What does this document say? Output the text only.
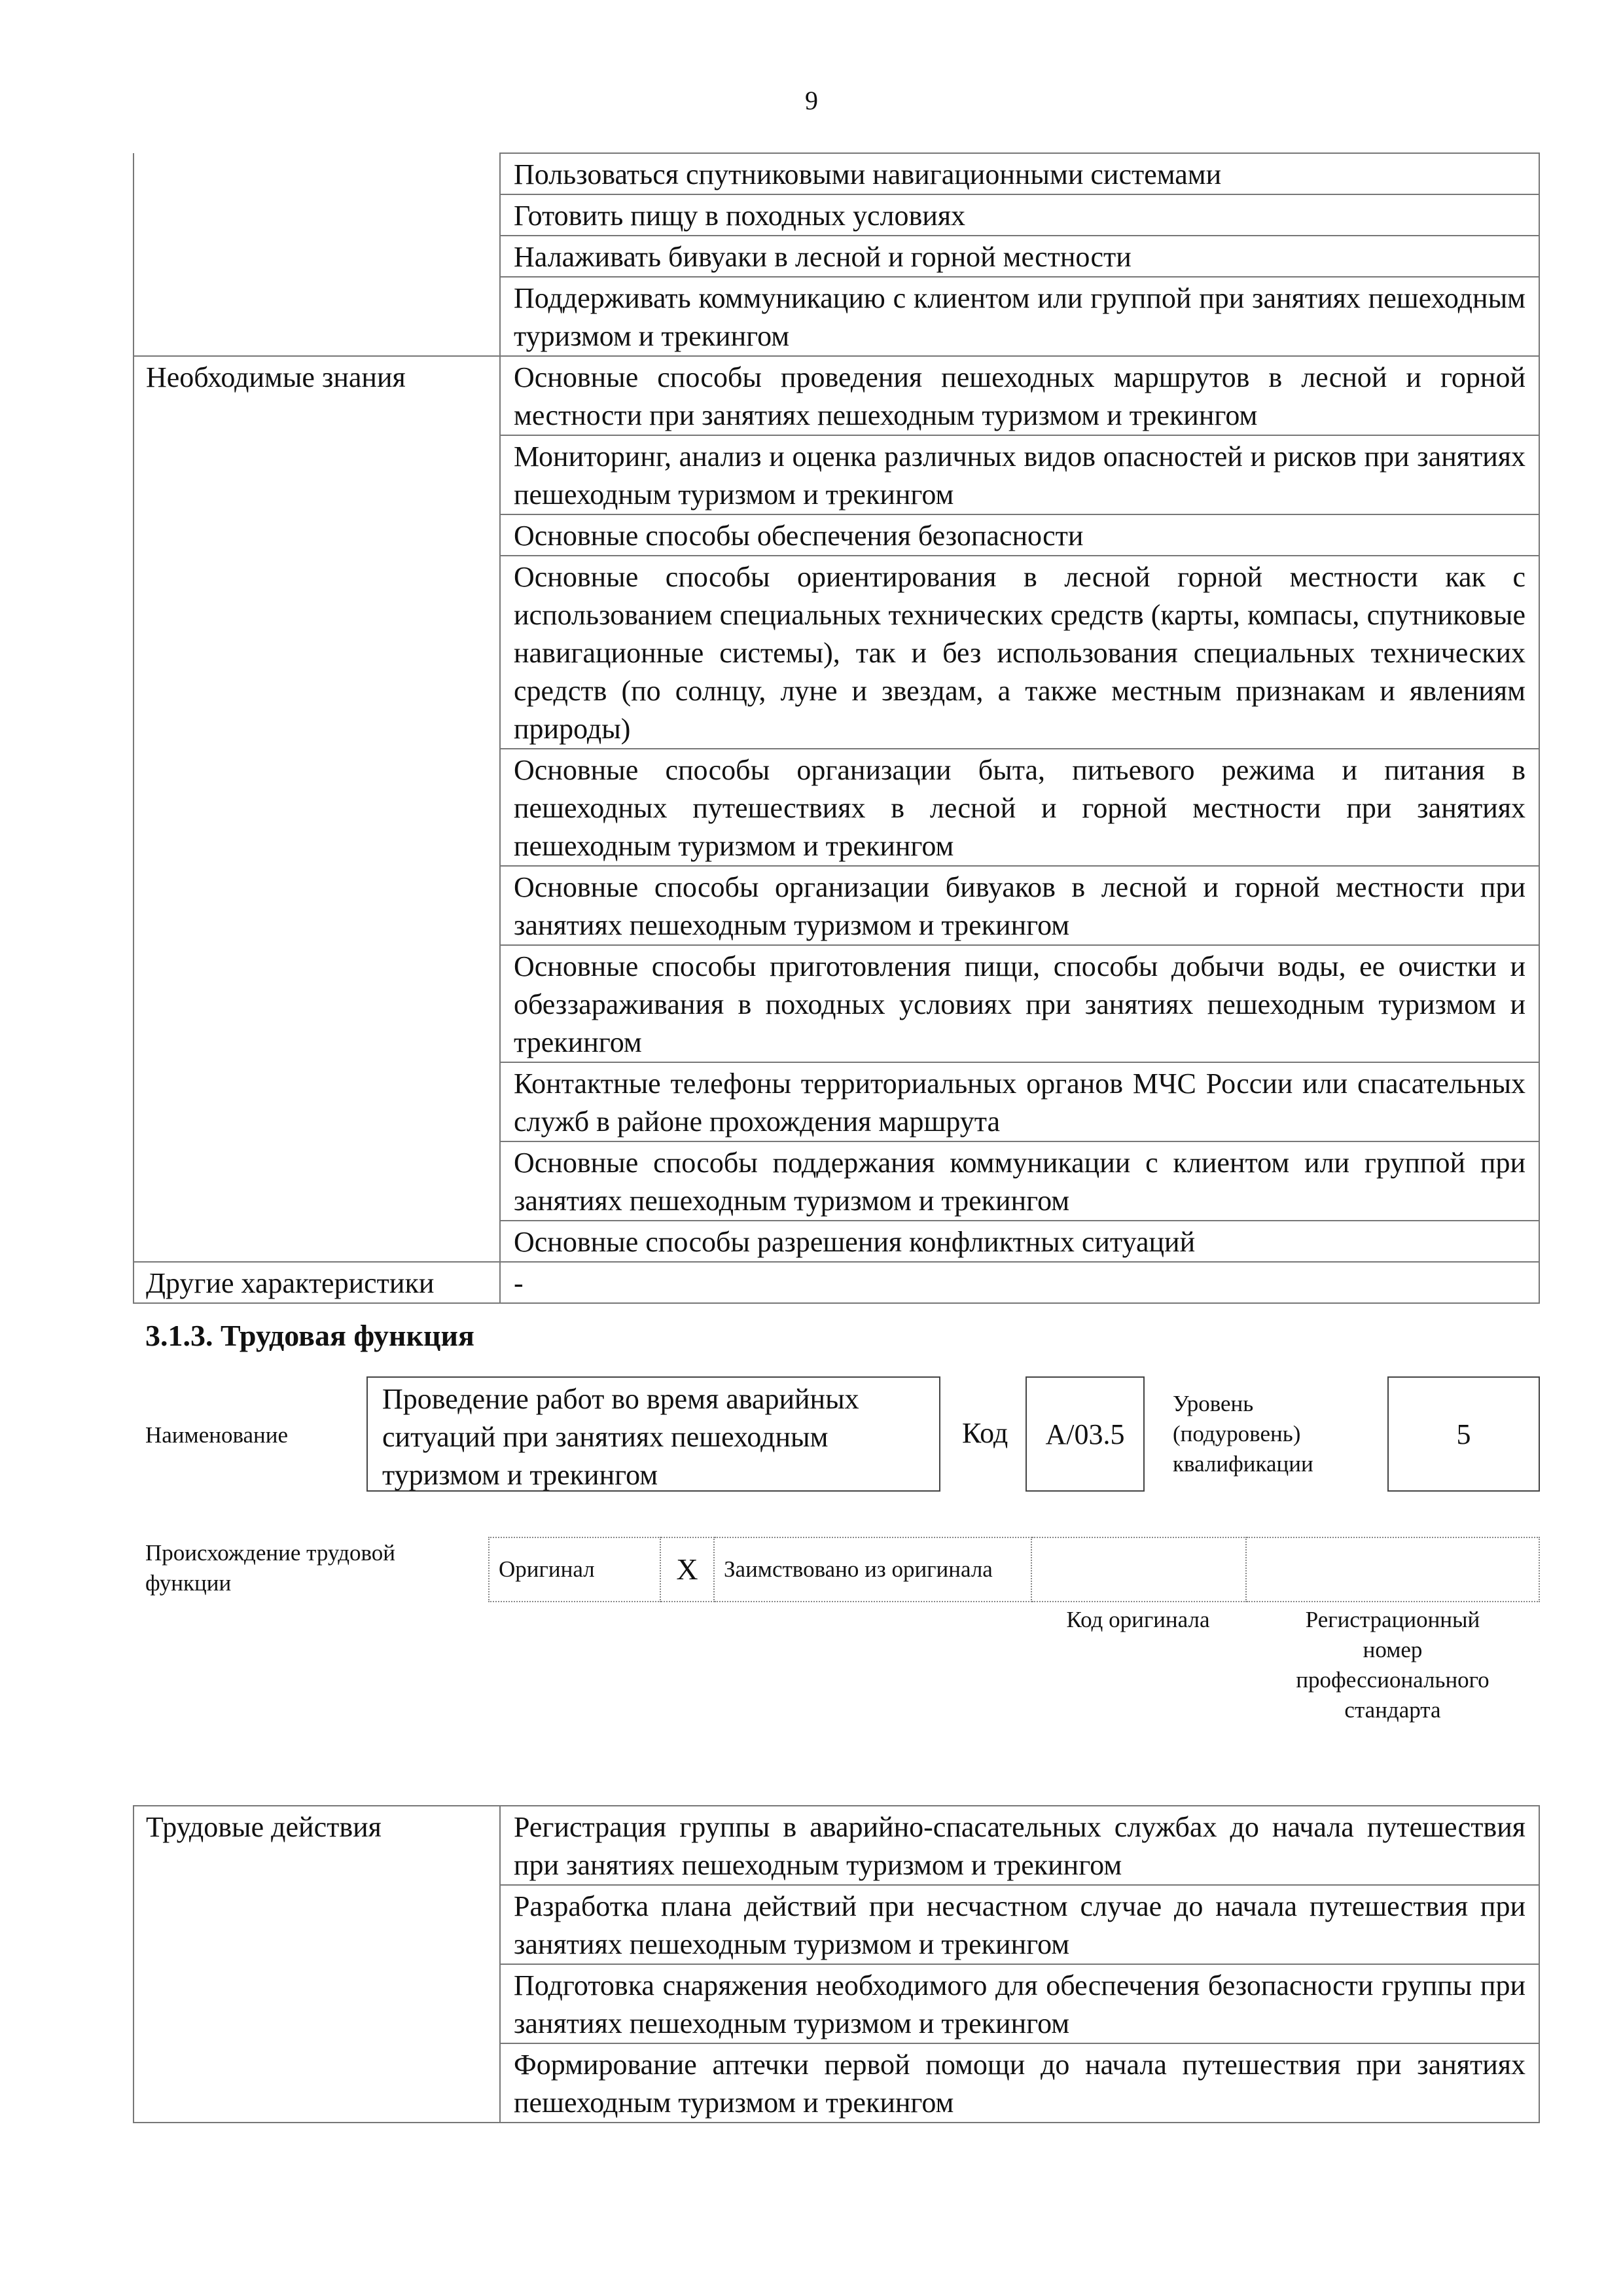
9
	Пользоваться спутниковыми навигационными системами
	Готовить пищу в походных условиях
	Налаживать бивуаки в лесной и горной местности
	Поддерживать коммуникацию с клиентом или группой при занятиях пешеходным туризмом и трекингом
Необходимые знания	Основные способы проведения пешеходных маршрутов в лесной и горной местности при занятиях пешеходным туризмом и трекингом
	Мониторинг, анализ и оценка различных видов опасностей и рисков при занятиях пешеходным туризмом и трекингом
	Основные способы обеспечения безопасности
	Основные способы ориентирования в лесной горной местности как с использованием специальных технических средств (карты, компасы, спутниковые навигационные системы), так и без использования специальных технических средств (по солнцу, луне и звездам, а также местным признакам и явлениям природы)
	Основные способы организации быта, питьевого режима и питания в пешеходных путешествиях в лесной и горной местности при занятиях пешеходным туризмом и трекингом
	Основные способы организации бивуаков в лесной и горной местности при занятиях пешеходным туризмом и трекингом
	Основные способы приготовления пищи, способы добычи воды, ее очистки и обеззараживания в походных условиях при занятиях пешеходным туризмом и трекингом
	Контактные телефоны территориальных органов МЧС России или спасательных служб в районе прохождения маршрута
	Основные способы поддержания коммуникации с клиентом или группой при занятиях пешеходным туризмом и трекингом
	Основные способы разрешения конфликтных ситуаций
Другие характеристики	-
3.1.3. Трудовая функция
Наименование
Проведение работ во время аварийных ситуаций при занятиях пешеходным туризмом и трекингом
Код	А/03.5
Уровень (подуровень) квалификации
5
Происхождение трудовой функции
Оригинал	Х	Заимствовано из оригинала		
Код оригинала	Регистрационный номер профессионального стандарта
Трудовые действия	Регистрация группы в аварийно-спасательных службах до начала путешествия при занятиях пешеходным туризмом и трекингом
Разработка плана действий при несчастном случае до начала путешествия при занятиях пешеходным туризмом и трекингом
Подготовка снаряжения необходимого для обеспечения безопасности группы при занятиях пешеходным туризмом и трекингом
Формирование аптечки первой помощи до начала путешествия при занятиях пешеходным туризмом и трекингом
